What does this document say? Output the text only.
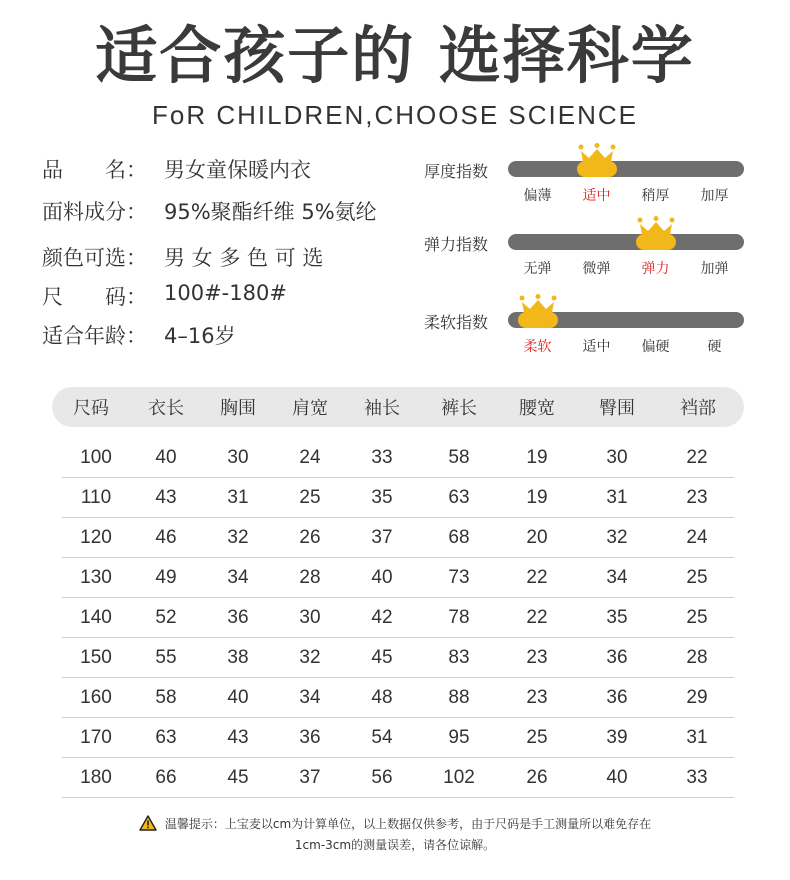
适合孩子的 选择科学
FoR CHILDREN,CHOOSE SCIENCE
品　　名： 男女童保暖内衣
面料成分： 95%聚酯纤维 5%氨纶
颜色可选： 男 女 多 色 可 选
尺　　码： 100#-180#
适合年龄： 4–16岁
厚度指数
偏薄	适中	稍厚	加厚
弹力指数
无弹	微弹	弹力	加弹
柔软指数
柔软	适中	偏硬	硬
尺码	衣长	胸围	肩宽	袖长	裤长	腰宽	臀围	裆部
100	40	30	24	33	58	19	30	22
110	43	31	25	35	63	19	31	23
120	46	32	26	37	68	20	32	24
130	49	34	28	40	73	22	34	25
140	52	36	30	42	78	22	35	25
150	55	38	32	45	83	23	36	28
160	58	40	34	48	88	23	36	29
170	63	43	36	54	95	25	39	31
180	66	45	37	56	102	26	40	33
温馨提示：上宝麦以cm为计算单位，以上数据仅供参考，由于尺码是手工测量所以难免存在
1cm-3cm的测量误差，请各位谅解。
